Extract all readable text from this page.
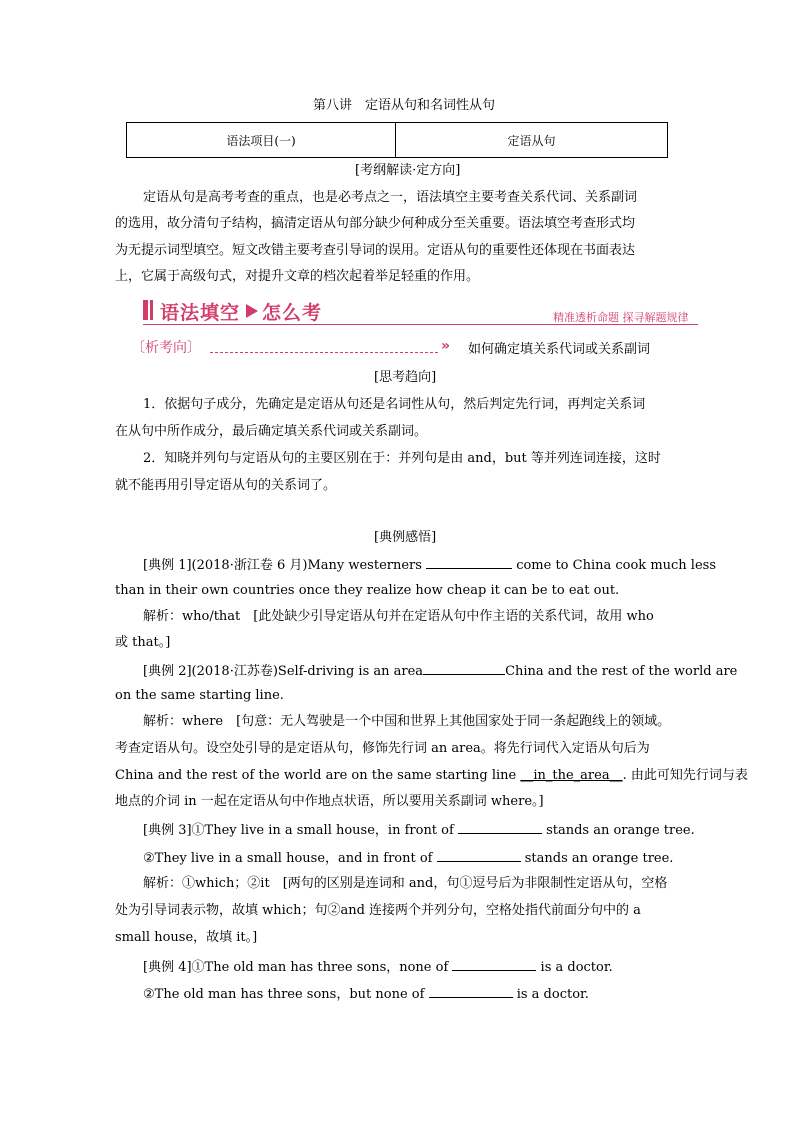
第八讲　定语从句和名词性从句
语法项目(一)	定语从句
[考纲解读·定方向]
定语从句是高考考查的重点，也是必考点之一，语法填空主要考查关系代词、关系副词
的选用，故分清句子结构，搞清定语从句部分缺少何种成分至关重要。语法填空考查形式均
为无提示词型填空。短文改错主要考查引导词的误用。定语从句的重要性还体现在书面表达
上，它属于高级句式，对提升文章的档次起着举足轻重的作用。
语法填空 怎么考	精准透析命题 探寻解题规律
〔析考向〕	» 如何确定填关系代词或关系副词
[思考趋向]
1．依据句子成分，先确定是定语从句还是名词性从句，然后判定先行词，再判定关系词
在从句中所作成分，最后确定填关系代词或关系副词。
2．知晓并列句与定语从句的主要区别在于：并列句是由 and，but 等并列连词连接，这时
就不能再用引导定语从句的关系词了。
[典例感悟]
[典例 1](2018·浙江卷 6 月)Many westerners	come to China cook much less
than in their own countries once they realize how cheap it can be to eat out.
解析：who/that　[此处缺少引导定语从句并在定语从句中作主语的关系代词，故用 who
或 that。]
[典例 2](2018·江苏卷)Self-driving is an area	China and the rest of the world are
on the same starting line.
解析：where　[句意：无人驾驶是一个中国和世界上其他国家处于同一条起跑线上的领域。
考查定语从句。设空处引导的是定语从句，修饰先行词 an area。将先行词代入定语从句后为
China and the rest of the world are on the same starting line __in_the_area__. 由此可知先行词与表
地点的介词 in 一起在定语从句中作地点状语，所以要用关系副词 where。]
[典例 3]①They live in a small house，in front of	stands an orange tree.
②They live in a small house，and in front of	stands an orange tree.
解析：①which；②it　[两句的区别是连词和 and，句①逗号后为非限制性定语从句，空格
处为引导词表示物，故填 which；句②and 连接两个并列分句，空格处指代前面分句中的 a
small house，故填 it。]
[典例 4]①The old man has three sons，none of	is a doctor.
②The old man has three sons，but none of	is a doctor.
